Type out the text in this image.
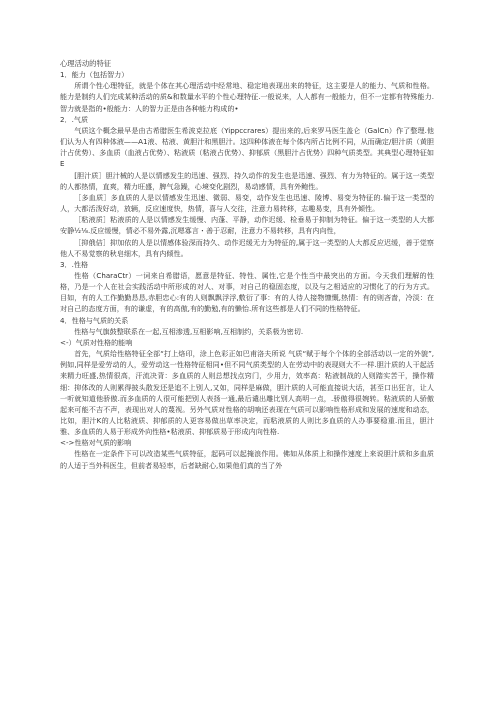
心理活动的特征

1．能力（包括智力）

所谓个性心理特征，就是个体在其心理活动中经常地、稳定地表现出来的特征，这主要是人的能力、气质和性格。能力是制约人们完成某种活动的质&和数量水平的个性心理特征.一般说来，人人都有一般能力，但不一定都有特殊能力.智力就是指的•般能力：人的智力正是由各种能力构成的•

2．.气质

气质这个概念最早是由古希腊医生希波克拉底（Yippccrares）提出来的,后来罗马医生盖仑（GalCn）作了整理.他们认为人有四种体液——A1液、枯液、黄胆汁和黑胆汁。这四种体液在每个体内所占比例不同，从而确定/胆汁质（黄胆汁占优势）、多血质（血液占优势）、粘液质（粘液占优势）、抑郁质（黑胆汁占优势）四种气质类型。其典型心理特征如E

[胆汁质］胆汁械的人是以情感发生的迅速、强烈、持久动作的发生也是迅速、强烈、有力为特征的。属于这一类型的人都热情，直爽，精力旺盛，脾气急躁，心境变化剧烈，易动感情，具有外鲍性。

［多血质］多血质的人是以情感发生迅速、微弱、易变，动作发生也迅速、陵博、易变为特征的.偏于这一类型的人，大都活泼好动，放辆，反应速度快，热情，喜与人交往，注意力易转移，志趣易变，具有外倾性。

［粘液质］粘液质的人是以情感发生缓慢、内蓬、平静，动作迟缓、检垂易于抑制为特征。偏于这一类型的人大都安静½⅛.反应缓慢，情必不易外露,沉嗯寡言・善于忍耐，注意力不易转移，具有内向性，

［抑俄佶］抑加依的人是以情感体验深而持久、动作迟缓无力为特征的,属于这一类型的人大都反应迟缓，善于觉察他人不易觉察的秋皂细木，具有内倾性。

3．.性格

性格（CharaCtr）一词来自希腊语，愿意是特征、特性、属性,它是个性当中最突出的方面。今天我们理解的性格，乃是一个人在社会实践活动中所形成的对人、对事，对自己的稳固态度，以及与之相适应的习惯化了的行为方式。目如，有的人工作勤勤恳恳,赤胆忠心:有的人则飘飘浮浮,敷衍了事：有的人待人接物慷慨,热情：有的则吝啬，冷淡：在对自己的态度方面，有的谦虚，有的高傲,有的勤勉,有的懒怡.所有这些都是人们不同的性格特征。

4．性格与气质的关系

性格与气旗鼓整联系在一起,互相渗透,互相影响,互相制约，关系极为密切.

<-）气质对性格的能响

首先，气质给性格特征全部“打上烙印，涂上色彩正如巴甫洛夫所说 气质“赋于每个个体的全部活动以一定的外貌”,例如,同样是爱劳动的人，爱劳动这一性格特征相同•但不同气质类型的人在劳动中的表现则大不一样.胆汁质的人干起活来精力旺盛,热情很高，汗流决背：多血质的人则总想找点窍门，少用力，效率高：粘液制战的人则踏实苦干，操作精细：抑体改的人则累得披头散发还是追不上别人,又如，同样是麻做，胆汁质的人可能直接说大话，甚至口出狂言，让人一听就知道他骄傲.而多血质的人很可能把别人表扬一通,最后谴出雕比别人高明一点，.骄傲得很婉转。粘液质的人骄傲起来可能不吉不声，表现出对人的蔑视。另外气质对性格的胡响还表现在气质可以影响性格形成和发展的速度和动态，比如，胆汁K的人比粘液质、抑郁质的人更容易做出草率决定，而粘液质的人则比多血质的人办事要稳重.而且，胆汁雅、多血质的人易于形成外向性格•粘液质、抑郁质易于形成内向性格.

<->性格对气质的影响

性格在一定条件下可以改造某些气质特征，起码可以起掩浪作用。佛如从体质上和操作速度上来说胆汁质和多血质的人适于当外科医生，但前者易轻率，后者缺耐心,如果他们真的当了外
